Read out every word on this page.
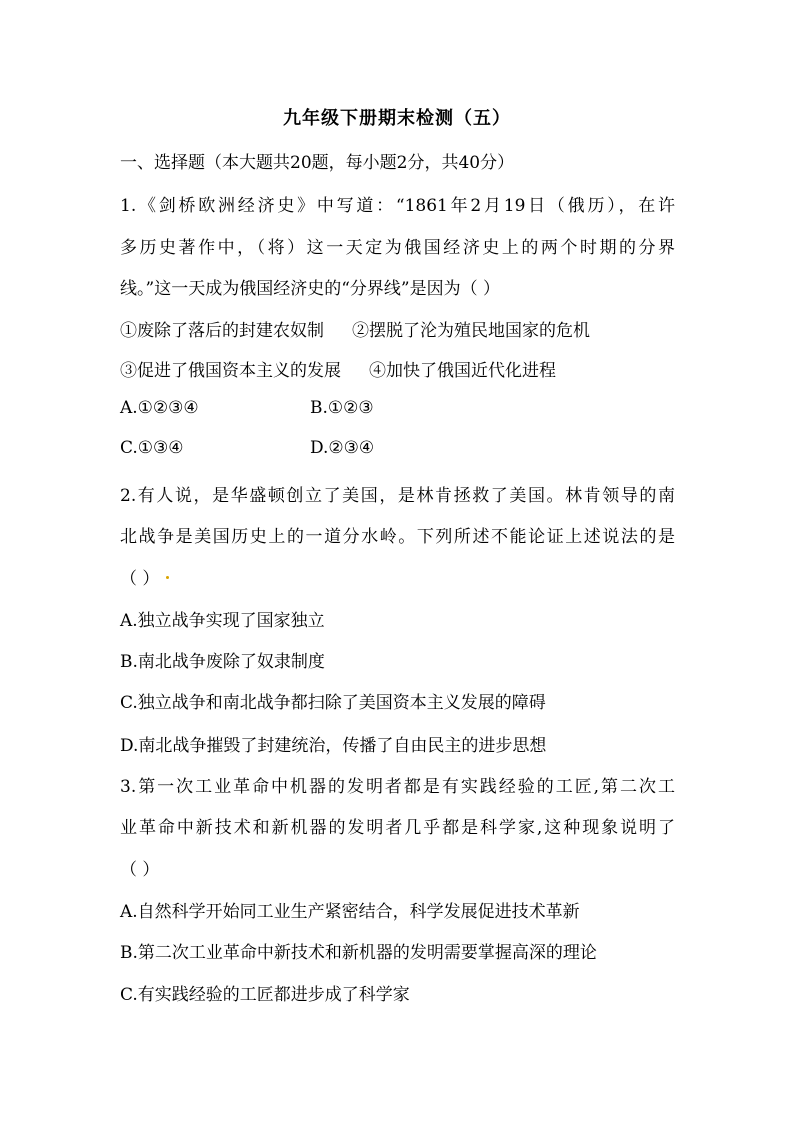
九年级下册期末检测（五）
一、选择题（本大题共20题，每小题2分，共40分）
1.《剑桥欧洲经济史》中写道：“1861年2月19日（俄历），在许
多历史著作中，（将）这一天定为俄国经济史上的两个时期的分界
线。”这一天成为俄国经济史的“分界线”是因为（ ）
①废除了落后的封建农奴制 ②摆脱了沦为殖民地国家的危机
③促进了俄国资本主义的发展 ④加快了俄国近代化进程
A.①②③④	B.①②③
C.①③④	D.②③④
2.有人说，是华盛顿创立了美国，是林肯拯救了美国。林肯领导的南
北战争是美国历史上的一道分水岭。下列所述不能论证上述说法的是
（ ）
A.独立战争实现了国家独立
B.南北战争废除了奴隶制度
C.独立战争和南北战争都扫除了美国资本主义发展的障碍
D.南北战争摧毁了封建统治，传播了自由民主的进步思想
3.第一次工业革命中机器的发明者都是有实践经验的工匠,第二次工
业革命中新技术和新机器的发明者几乎都是科学家,这种现象说明了
（ ）
A.自然科学开始同工业生产紧密结合，科学发展促进技术革新
B.第二次工业革命中新技术和新机器的发明需要掌握高深的理论
C.有实践经验的工匠都进步成了科学家
